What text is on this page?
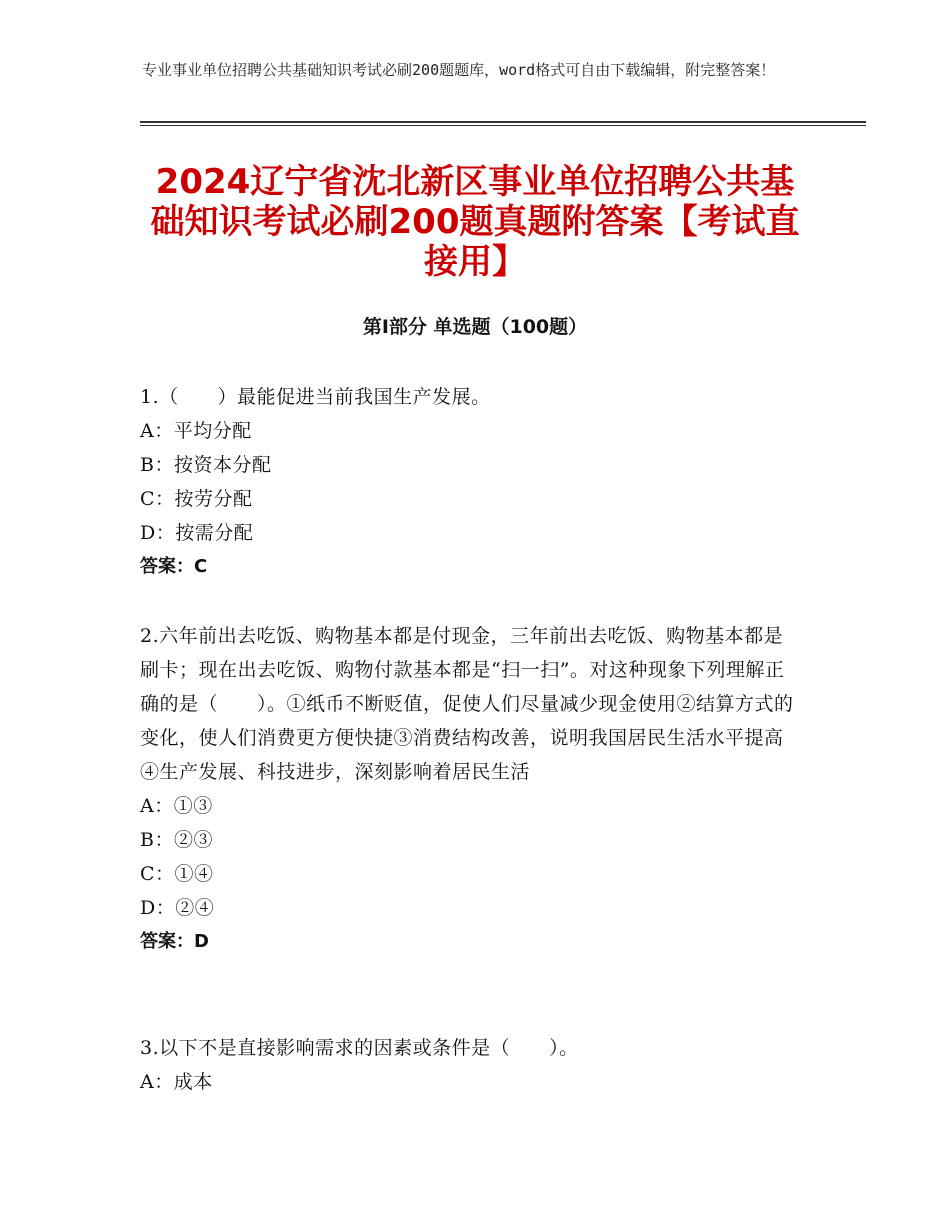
专业事业单位招聘公共基础知识考试必刷200题题库，word格式可自由下载编辑，附完整答案！
2024辽宁省沈北新区事业单位招聘公共基础知识考试必刷200题真题附答案【考试直接用】
第Ⅰ部分 单选题（100题）
1.（　　）最能促进当前我国生产发展。
A：平均分配
B：按资本分配
C：按劳分配
D：按需分配
答案：C
2.六年前出去吃饭、购物基本都是付现金，三年前出去吃饭、购物基本都是刷卡；现在出去吃饭、购物付款基本都是“扫一扫”。对这种现象下列理解正确的是（　　）。①纸币不断贬值，促使人们尽量减少现金使用②结算方式的变化，使人们消费更方便快捷③消费结构改善，说明我国居民生活水平提高④生产发展、科技进步，深刻影响着居民生活
A：①③
B：②③
C：①④
D：②④
答案：D
3.以下不是直接影响需求的因素或条件是（　　）。
A：成本
